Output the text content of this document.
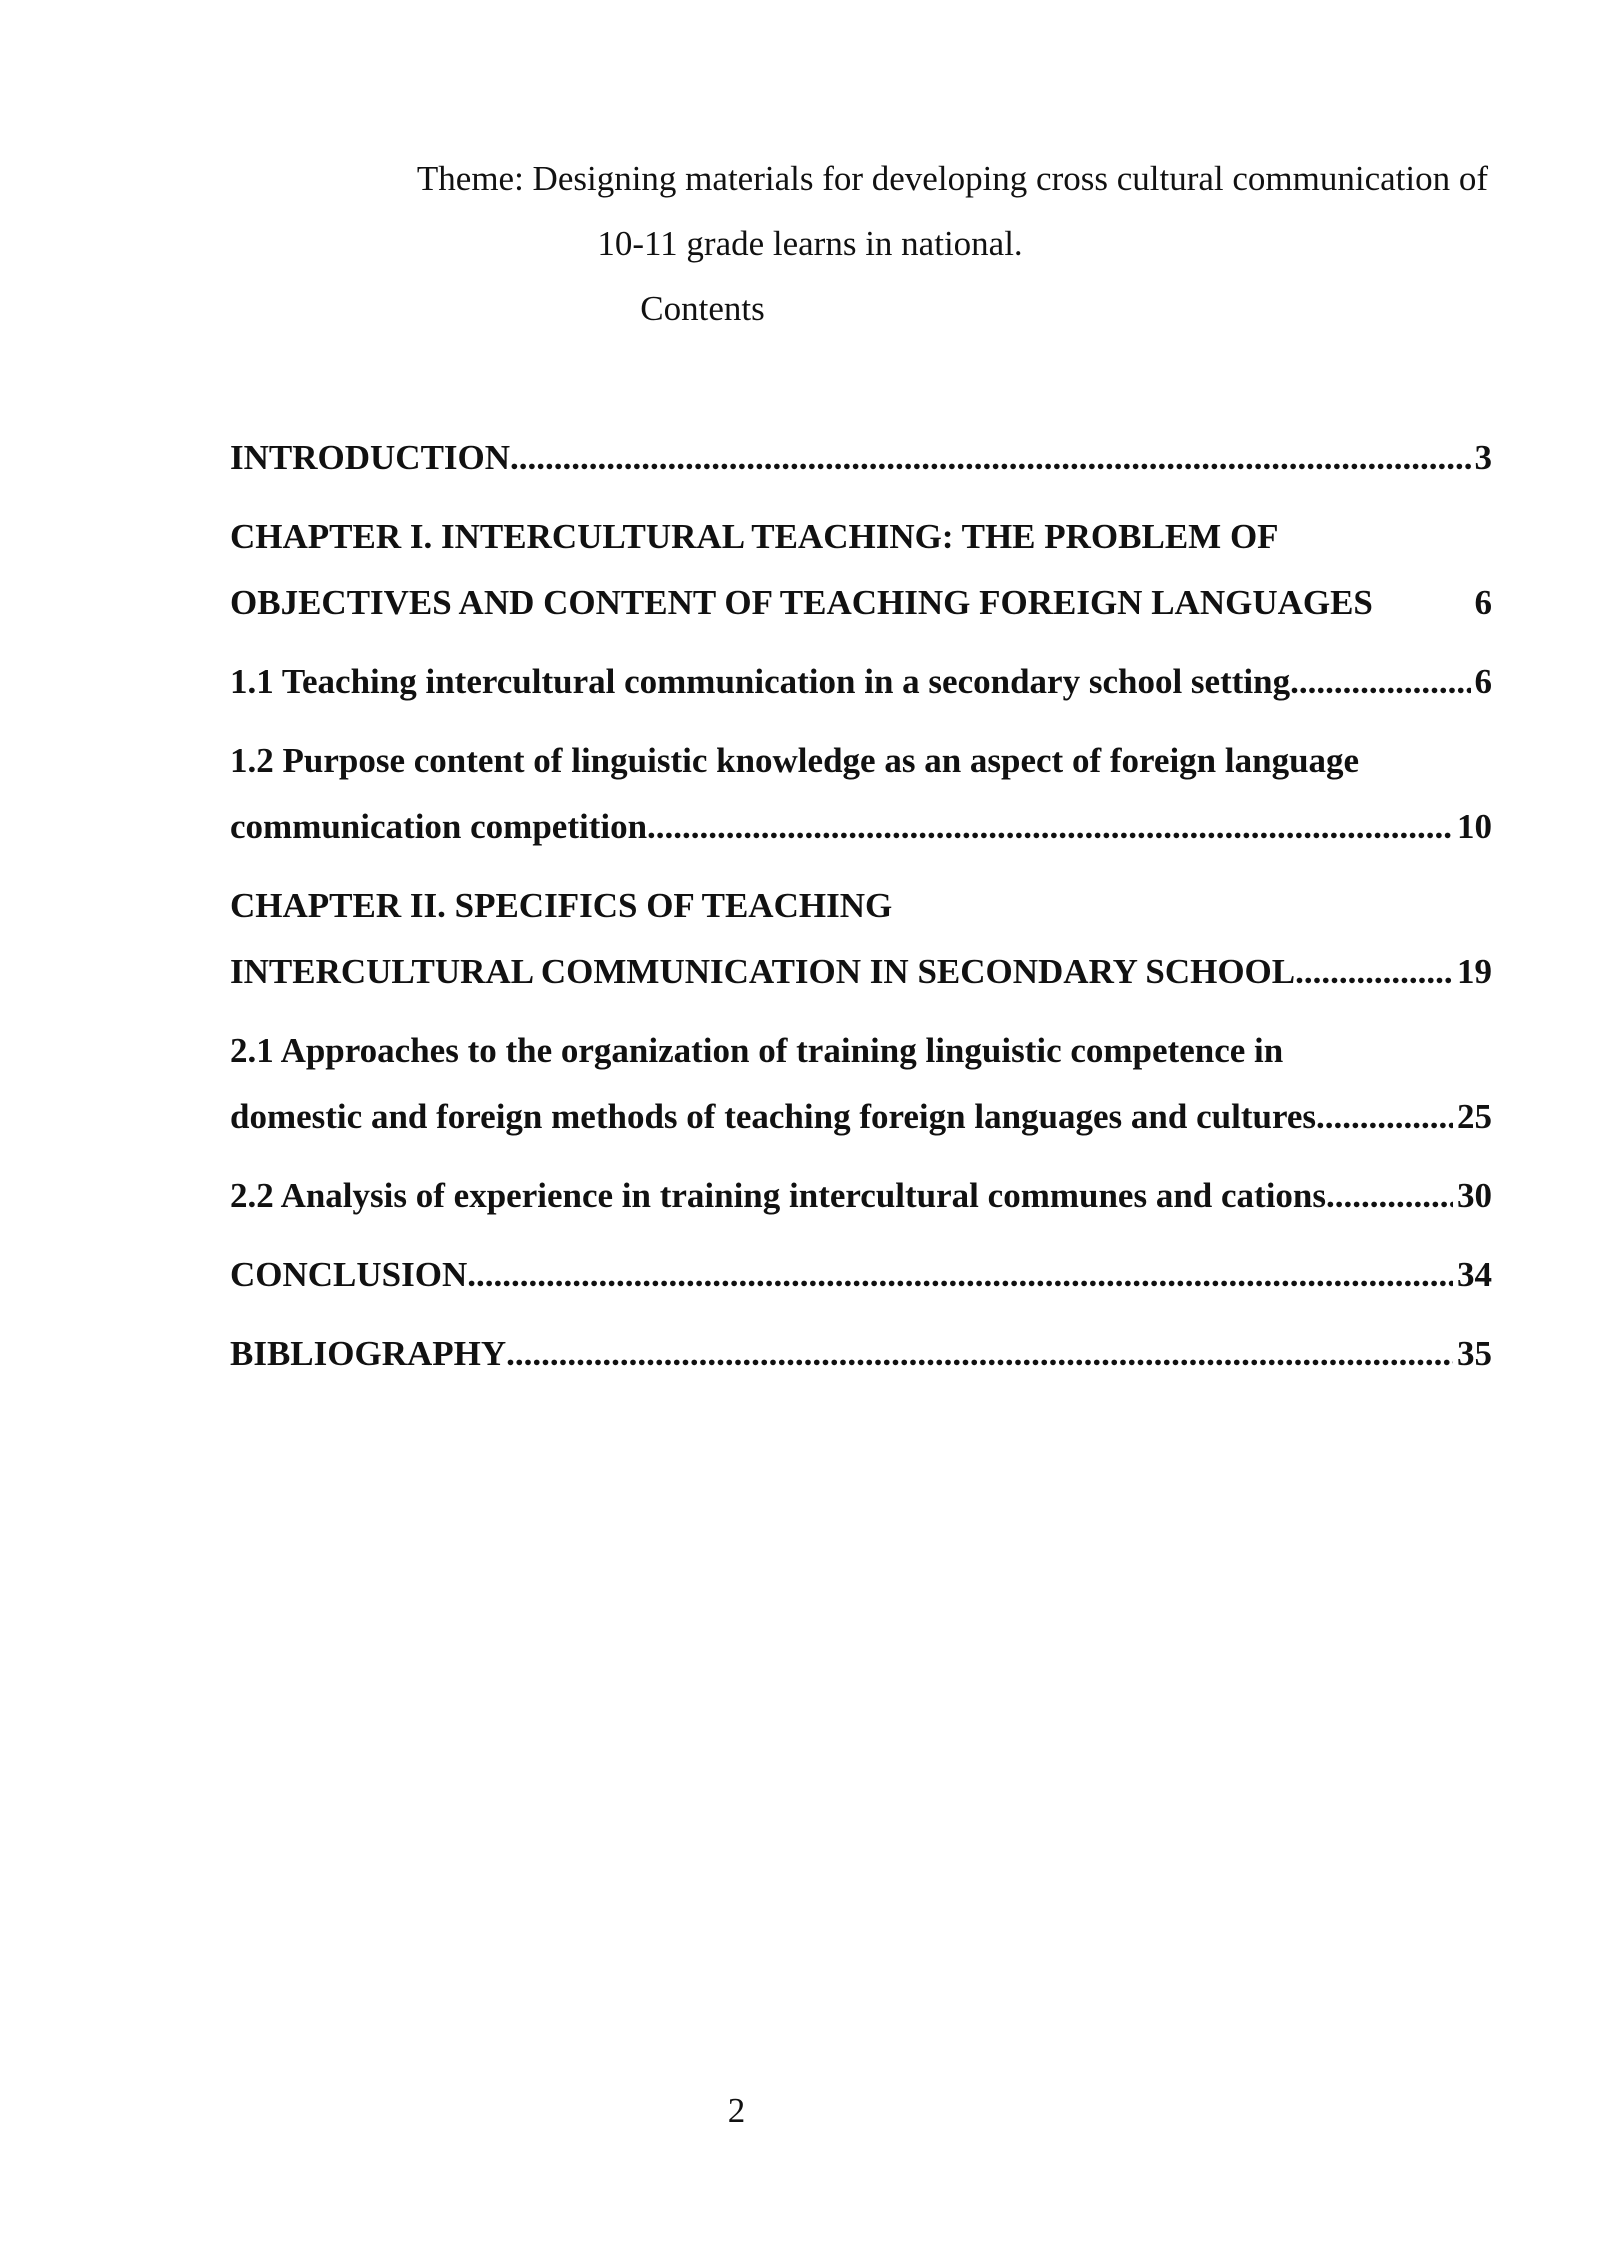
Theme: Designing materials for developing cross cultural communication of
10-11 grade learns in national.
Contents
INTRODUCTION .....	3
CHAPTER I. INTERCULTURAL TEACHING: THE PROBLEM OF
OBJECTIVES AND CONTENT OF TEACHING FOREIGN LANGUAGES	6
1.1 Teaching intercultural communication in a secondary school setting .....	6
1.2 Purpose content of linguistic knowledge as an aspect of foreign language
communication competition .....	10
CHAPTER II. SPECIFICS OF TEACHING
INTERCULTURAL COMMUNICATION IN SECONDARY SCHOOL .....	19
2.1 Approaches to the organization of training linguistic competence in
domestic and foreign methods of teaching foreign languages and cultures .....	25
2.2 Analysis of experience in training intercultural communes and cations .....	30
CONCLUSION .....	34
BIBLIOGRAPHY .....	35
2
